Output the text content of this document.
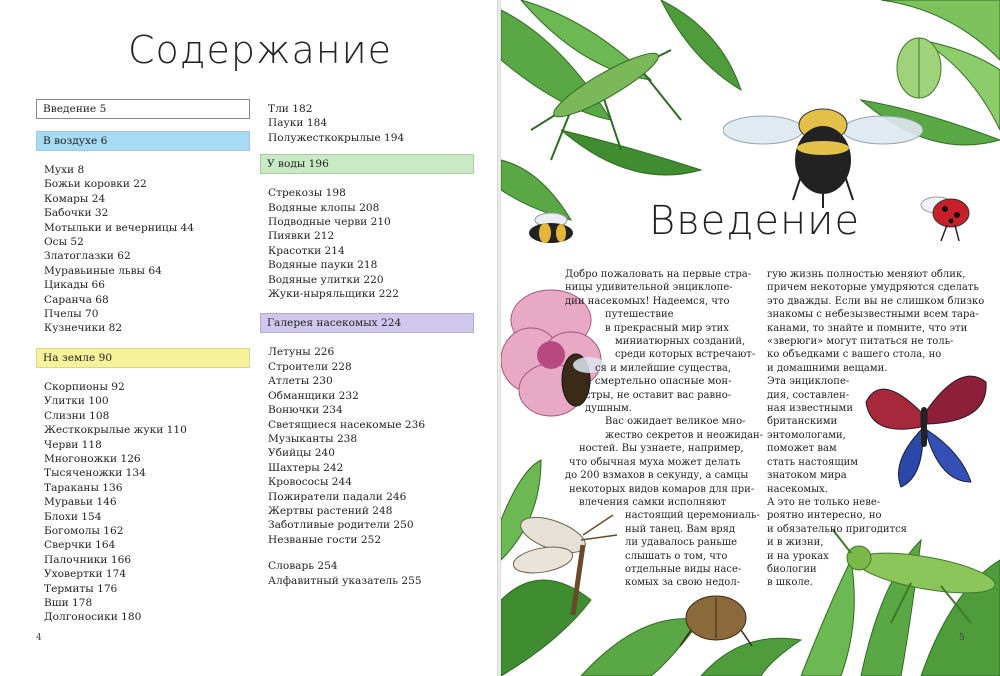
Содержание
Введение 5
В воздухе 6
Мухи 8
Божьи коровки 22
Комары 24
Бабочки 32
Мотыльки и вечерницы 44
Осы 52
Златоглазки 62
Муравьиные львы 64
Цикады 66
Саранча 68
Пчелы 70
Кузнечики 82
На земле 90
Скорпионы 92
Улитки 100
Слизни 108
Жесткокрылые жуки 110
Черви 118
Многоножки 126
Тысяченожки 134
Тараканы 136
Муравьи 146
Блохи 154
Богомолы 162
Сверчки 164
Палочники 166
Уховертки 174
Термиты 176
Вши 178
Долгоносики 180
Тли 182
Пауки 184
Полужесткокрылые 194
У воды 196
Стрекозы 198
Водяные клопы 208
Подводные черви 210
Пиявки 212
Красотки 214
Водяные пауки 218
Водяные улитки 220
Жуки-ныряльщики 222
Галерея насекомых 224
Летуны 226
Строители 228
Атлеты 230
Обманщики 232
Вонючки 234
Светящиеся насекомые 236
Музыканты 238
Убийцы 240
Шахтеры 242
Кровососы 244
Пожиратели падали 246
Жертвы растений 248
Заботливые родители 250
Незваные гости 252
Словарь 254
Алфавитный указатель 255
4
Введение
Добро пожаловать на первые стра-
ницы удивительной энциклопе-
дии насекомых! Надеемся, что
путешествие
в прекрасный мир этих
миниатюрных созданий,
среди которых встречают-
ся и милейшие существа,
и смертельно опасные мон-
стры, не оставит вас равно-
душным.
Вас ожидает великое мно-
жество секретов и неожидан-
ностей. Вы узнаете, например,
что обычная муха может делать
до 200 взмахов в секунду, а самцы
некоторых видов комаров для при-
влечения самки исполняют
настоящий церемониаль-
ный танец. Вам вряд
ли удавалось раньше
слышать о том, что
отдельные виды насе-
комых за свою недол-
гую жизнь полностью меняют облик,
причем некоторые умудряются сделать
это дважды. Если вы не слишком близко
знакомы с небезызвестными всем тара-
канами, то знайте и помните, что эти
«зверюги» могут питаться не толь-
ко объедками с вашего стола, но
и домашними вещами.
Эта энциклопе-
дия, составлен-
ная известными
британскими
энтомологами,
поможет вам
стать настоящим
знатоком мира
насекомых.
А это не только неве-
роятно интересно, но
и обязательно пригодится
и в жизни,
и на уроках
биологии
в школе.
5
